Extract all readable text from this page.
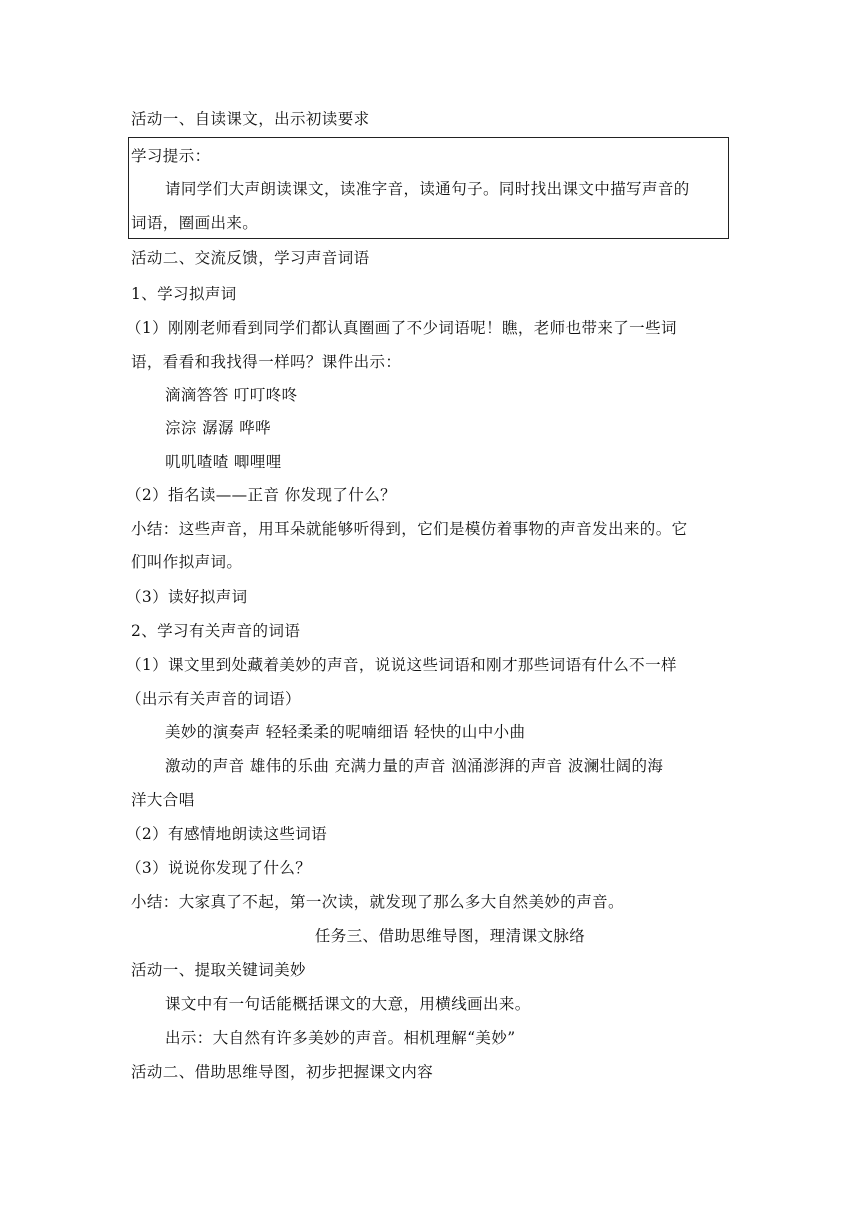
活动一、自读课文，出示初读要求
学习提示：
请同学们大声朗读课文，读准字音，读通句子。同时找出课文中描写声音的
词语，圈画出来。
活动二、交流反馈，学习声音词语
1、学习拟声词
（1）刚刚老师看到同学们都认真圈画了不少词语呢！瞧，老师也带来了一些词
语，看看和我找得一样吗？课件出示：
滴滴答答 叮叮咚咚
淙淙 潺潺 哗哗
叽叽喳喳 唧哩哩
（2）指名读——正音 你发现了什么？
小结：这些声音，用耳朵就能够听得到，它们是模仿着事物的声音发出来的。它
们叫作拟声词。
（3）读好拟声词
2、学习有关声音的词语
（1）课文里到处藏着美妙的声音，说说这些词语和刚才那些词语有什么不一样
（出示有关声音的词语）
美妙的演奏声 轻轻柔柔的呢喃细语 轻快的山中小曲
激动的声音 雄伟的乐曲 充满力量的声音 汹涌澎湃的声音 波澜壮阔的海
洋大合唱
（2）有感情地朗读这些词语
（3）说说你发现了什么？
小结：大家真了不起，第一次读，就发现了那么多大自然美妙的声音。
任务三、借助思维导图，理清课文脉络
活动一、提取关键词美妙
课文中有一句话能概括课文的大意，用横线画出来。
出示：大自然有许多美妙的声音。相机理解“美妙”
活动二、借助思维导图，初步把握课文内容
